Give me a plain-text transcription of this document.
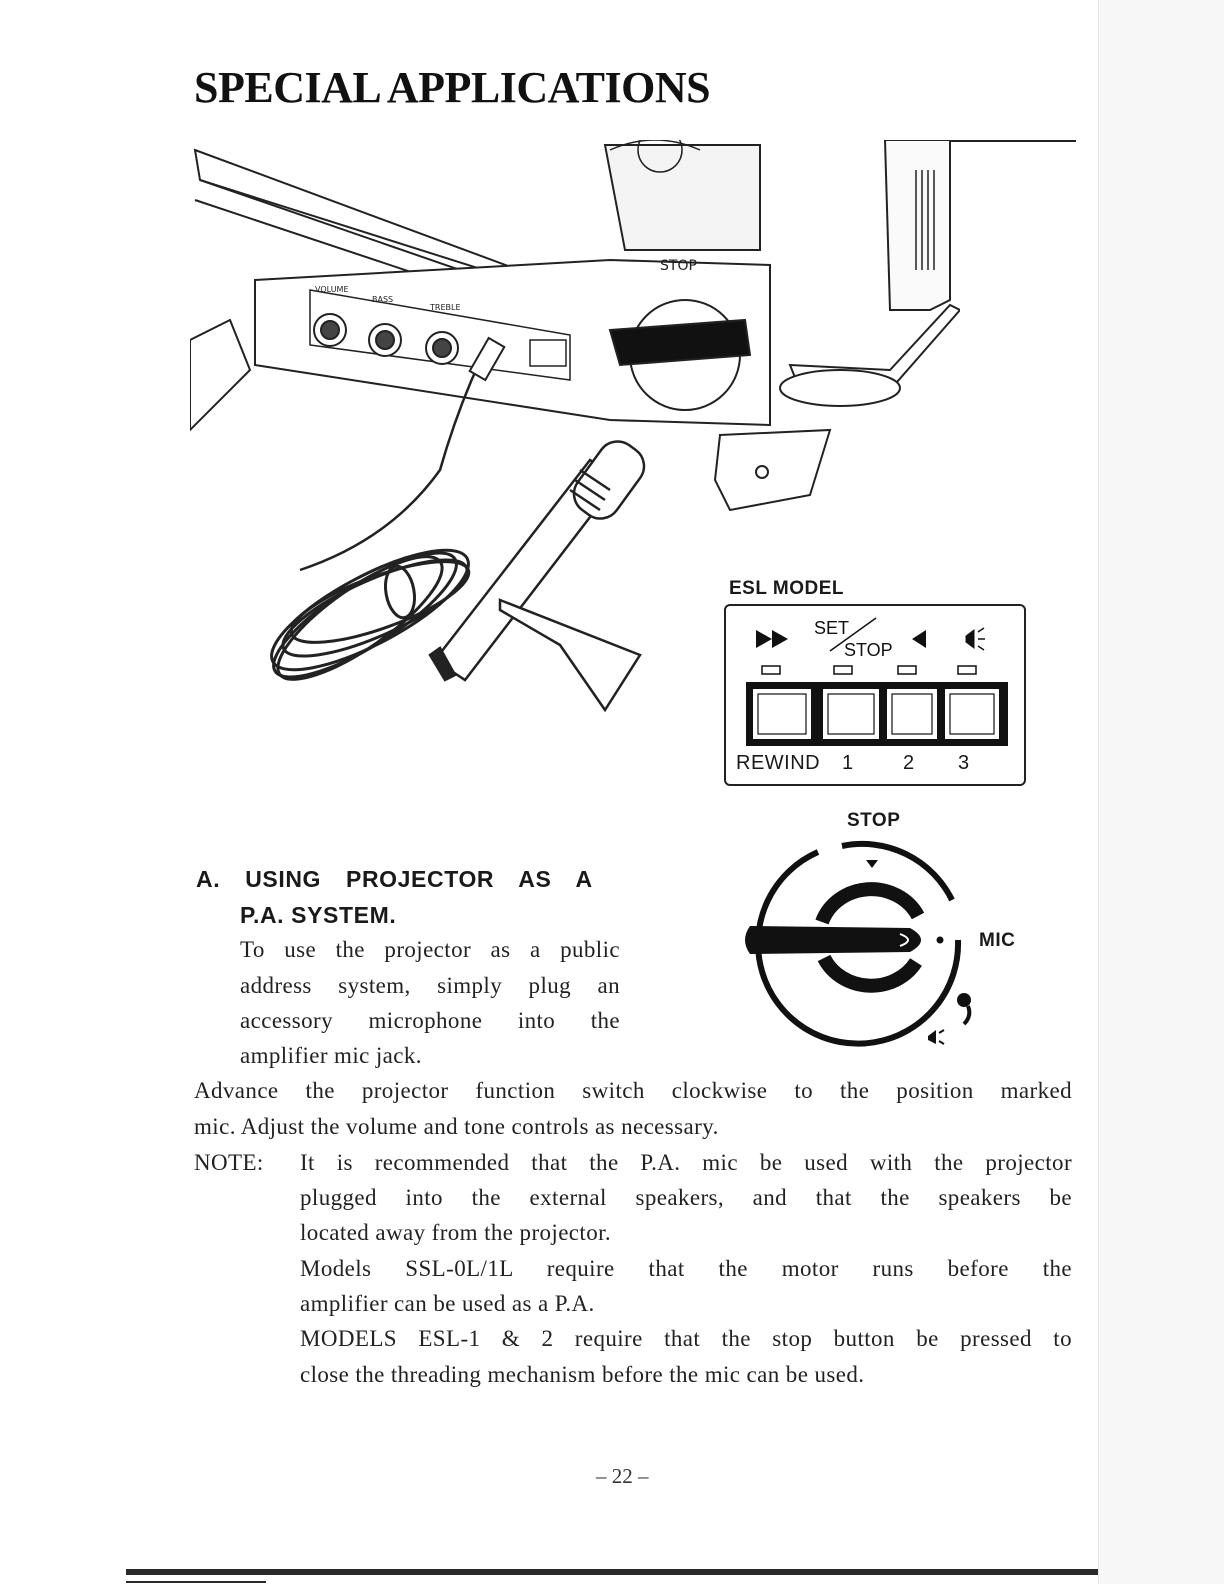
SPECIAL APPLICATIONS
VOLUME
BASS
TREBLE
STOP
ESL MODEL
SET
STOP
REWIND 1 2 3
STOP
MIC
A. USING PROJECTOR AS A
P.A. SYSTEM.
To use the projector as a public
address system, simply plug an
accessory microphone into the
amplifier mic jack.
Advance the projector function switch clockwise to the position marked
mic. Adjust the volume and tone controls as necessary.
NOTE: It is recommended that the P.A. mic be used with the projector
plugged into the external speakers, and that the speakers be
located away from the projector.
Models SSL-0L/1L require that the motor runs before the
amplifier can be used as a P.A.
MODELS ESL-1 & 2 require that the stop button be pressed to
close the threading mechanism before the mic can be used.
– 22 –
